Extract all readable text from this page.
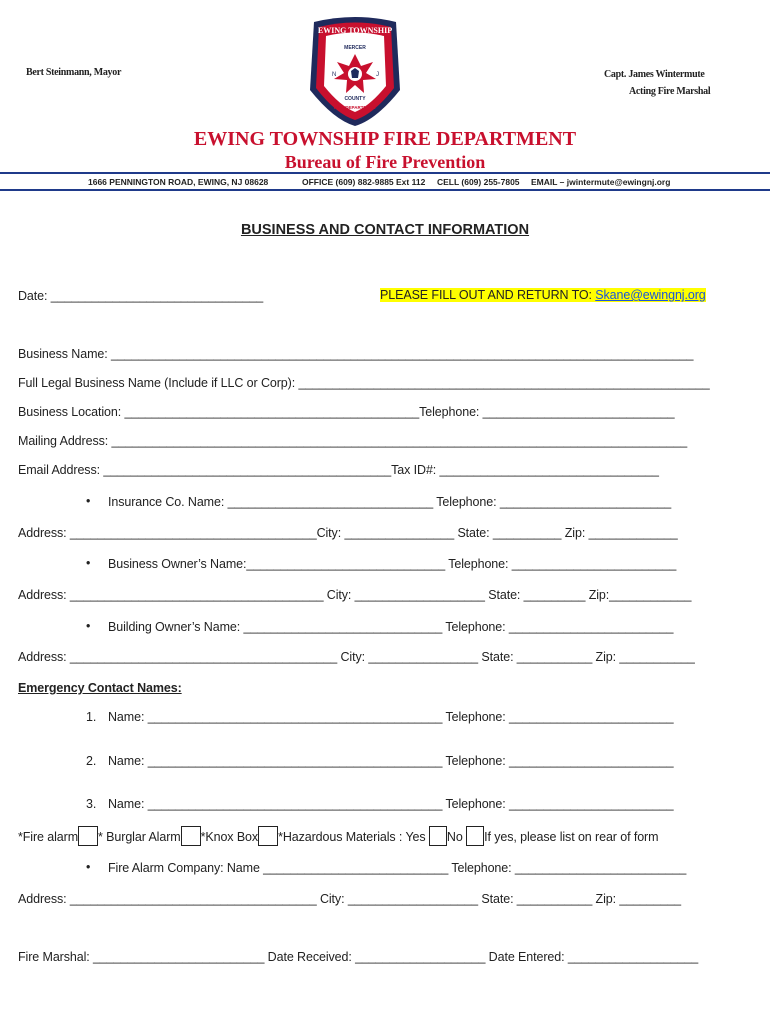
Bert Steinmann, Mayor	Capt. James Wintermute
Acting Fire Marshal
EWING TOWNSHIP
MERCER
N	J
COUNTY
FIRE DEPARTMENT
EWING TOWNSHIP FIRE DEPARTMENT
Bureau of Fire Prevention
1666 PENNINGTON ROAD, EWING, NJ 08628	OFFICE (609) 882-9885 Ext 112 CELL (609) 255-7805 EMAIL – jwintermute@ewingnj.org
BUSINESS AND CONTACT INFORMATION
Date: _______________________________	PLEASE FILL OUT AND RETURN TO: Skane@ewingnj.org
Business Name: _____________________________________________________________________________________
Full Legal Business Name (Include if LLC or Corp): ____________________________________________________________
Business Location: ___________________________________________Telephone: ____________________________
Mailing Address: ____________________________________________________________________________________
Email Address: __________________________________________Tax ID#: ________________________________
• Insurance Co. Name: ______________________________ Telephone: _________________________
Address: ____________________________________City: ________________ State: __________ Zip: _____________
• Business Owner’s Name:_____________________________ Telephone: ________________________
Address: _____________________________________ City: ___________________ State: _________ Zip:____________
• Building Owner’s Name: _____________________________ Telephone: ________________________
Address: _______________________________________ City: ________________ State: ___________ Zip: ___________
Emergency Contact Names:
1. Name: ___________________________________________ Telephone: ________________________
2. Name: ___________________________________________ Telephone: ________________________
3. Name: ___________________________________________ Telephone: ________________________
*Fire alarm * Burglar Alarm *Knox Box *Hazardous Materials : Yes No If yes, please list on rear of form
• Fire Alarm Company: Name ___________________________ Telephone: _________________________
Address: ____________________________________ City: ___________________ State: ___________ Zip: _________
Fire Marshal: _________________________ Date Received: ___________________ Date Entered: ___________________
